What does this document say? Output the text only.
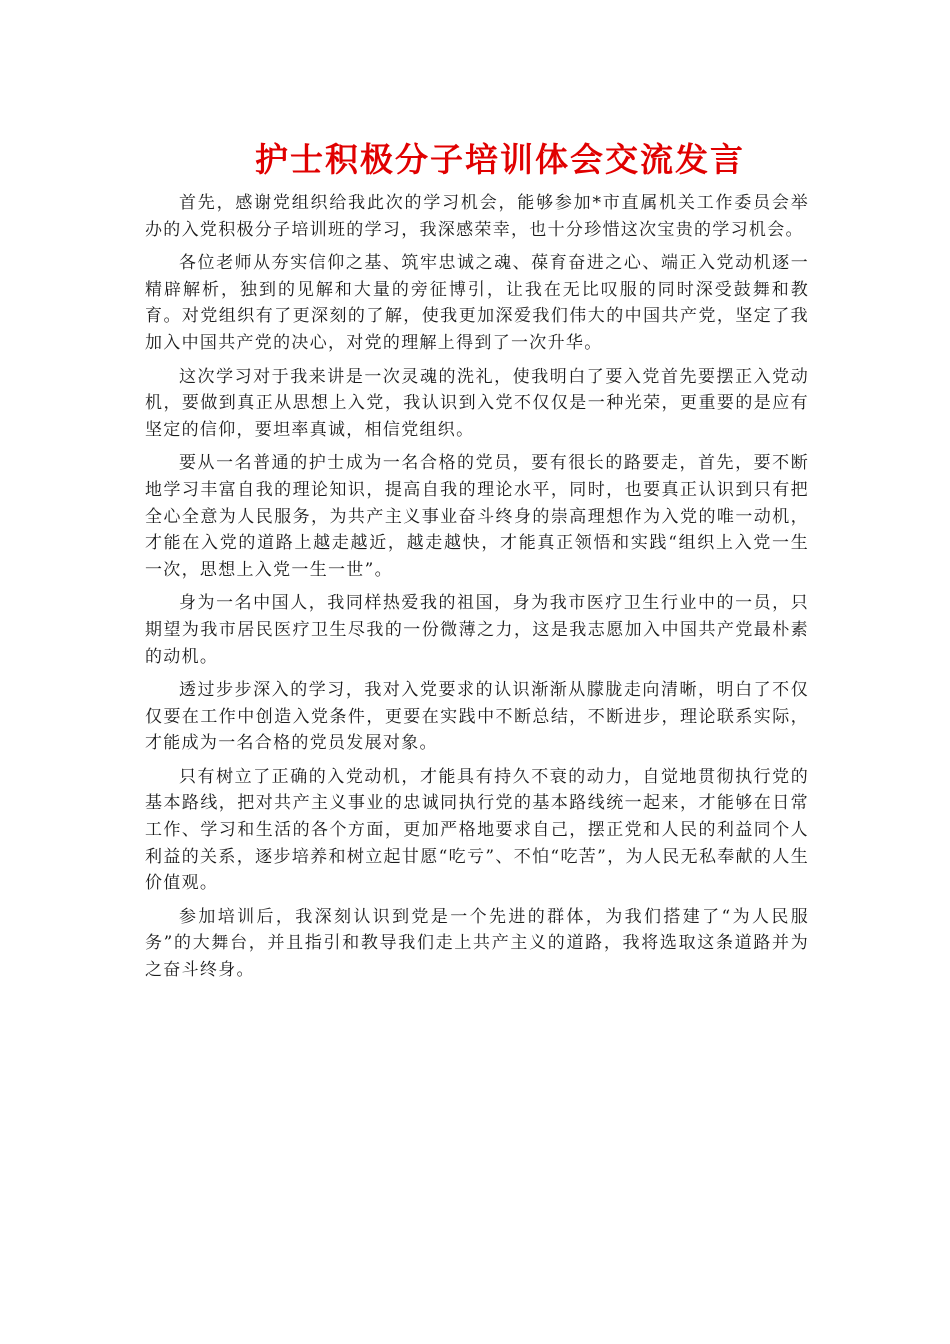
护士积极分子培训体会交流发言

首先，感谢党组织给我此次的学习机会，能够参加*市直属机关工作委员会举办的入党积极分子培训班的学习，我深感荣幸，也十分珍惜这次宝贵的学习机会。

各位老师从夯实信仰之基、筑牢忠诚之魂、葆育奋进之心、端正入党动机逐一精辟解析，独到的见解和大量的旁征博引，让我在无比叹服的同时深受鼓舞和教育。对党组织有了更深刻的了解，使我更加深爱我们伟大的中国共产党，坚定了我加入中国共产党的决心，对党的理解上得到了一次升华。

这次学习对于我来讲是一次灵魂的洗礼，使我明白了要入党首先要摆正入党动机，要做到真正从思想上入党，我认识到入党不仅仅是一种光荣，更重要的是应有坚定的信仰，要坦率真诚，相信党组织。

要从一名普通的护士成为一名合格的党员，要有很长的路要走，首先，要不断地学习丰富自我的理论知识，提高自我的理论水平，同时，也要真正认识到只有把全心全意为人民服务，为共产主义事业奋斗终身的崇高理想作为入党的唯一动机，才能在入党的道路上越走越近，越走越快，才能真正领悟和实践“组织上入党一生一次，思想上入党一生一世”。

身为一名中国人，我同样热爱我的祖国，身为我市医疗卫生行业中的一员，只期望为我市居民医疗卫生尽我的一份微薄之力，这是我志愿加入中国共产党最朴素的动机。

透过步步深入的学习，我对入党要求的认识渐渐从朦胧走向清晰，明白了不仅仅要在工作中创造入党条件，更要在实践中不断总结，不断进步，理论联系实际，才能成为一名合格的党员发展对象。

只有树立了正确的入党动机，才能具有持久不衰的动力，自觉地贯彻执行党的基本路线，把对共产主义事业的忠诚同执行党的基本路线统一起来，才能够在日常工作、学习和生活的各个方面，更加严格地要求自己，摆正党和人民的利益同个人利益的关系，逐步培养和树立起甘愿“吃亏”、不怕“吃苦”，为人民无私奉献的人生价值观。

参加培训后，我深刻认识到党是一个先进的群体，为我们搭建了“为人民服务”的大舞台，并且指引和教导我们走上共产主义的道路，我将选取这条道路并为之奋斗终身。
